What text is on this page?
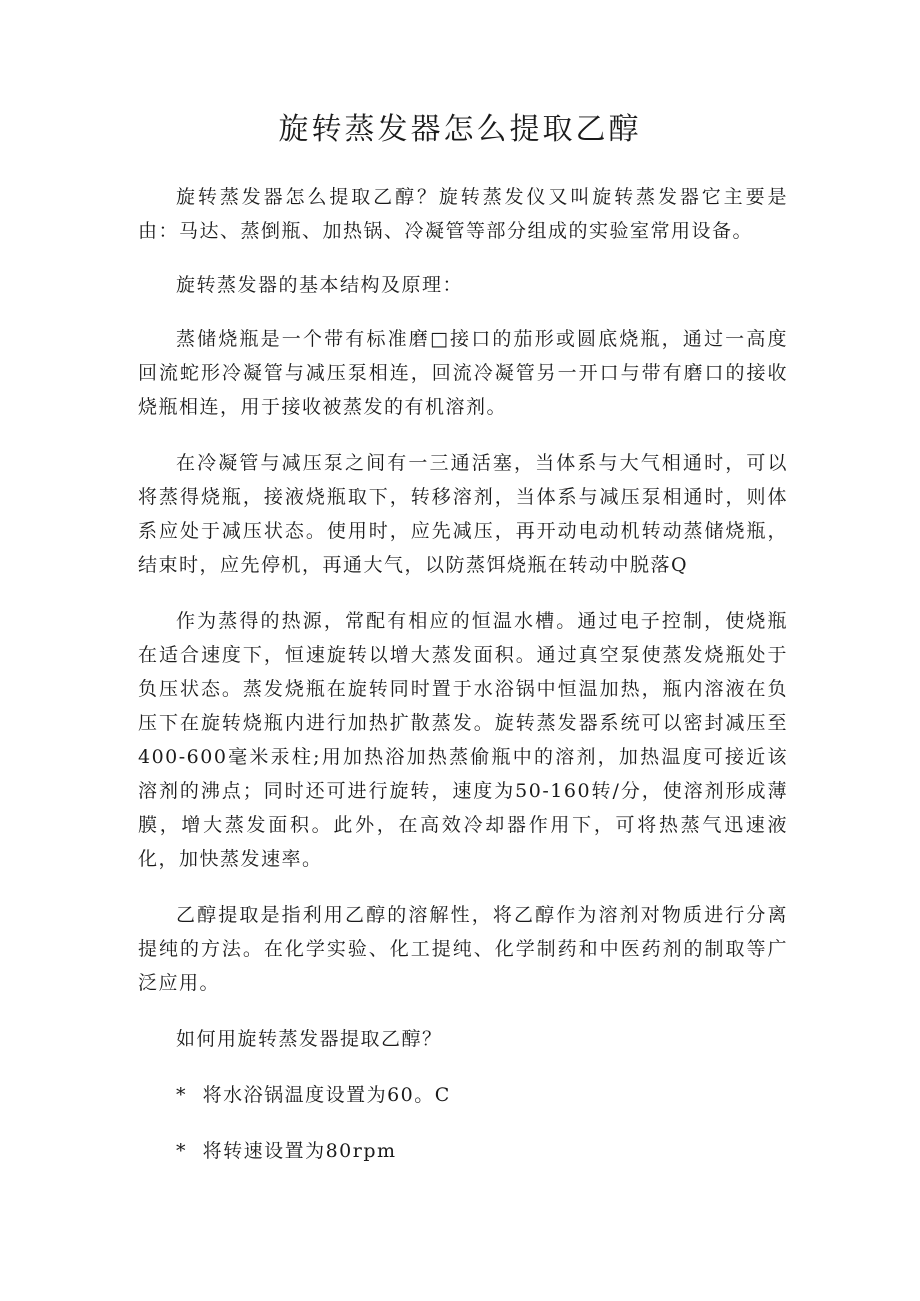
旋转蒸发器怎么提取乙醇

旋转蒸发器怎么提取乙醇？旋转蒸发仪又叫旋转蒸发器它主要是由：马达、蒸倒瓶、加热锅、冷凝管等部分组成的实验室常用设备。

旋转蒸发器的基本结构及原理：

蒸储烧瓶是一个带有标准磨□接口的茄形或圆底烧瓶，通过一高度回流蛇形冷凝管与减压泵相连，回流冷凝管另一开口与带有磨口的接收烧瓶相连，用于接收被蒸发的有机溶剂。

在冷凝管与减压泵之间有一三通活塞，当体系与大气相通时，可以将蒸得烧瓶，接液烧瓶取下，转移溶剂，当体系与减压泵相通时，则体系应处于减压状态。使用时，应先减压，再开动电动机转动蒸储烧瓶，结束时，应先停机，再通大气，以防蒸饵烧瓶在转动中脱落Q

作为蒸得的热源，常配有相应的恒温水槽。通过电子控制，使烧瓶在适合速度下，恒速旋转以增大蒸发面积。通过真空泵使蒸发烧瓶处于负压状态。蒸发烧瓶在旋转同时置于水浴锅中恒温加热，瓶内溶液在负压下在旋转烧瓶内进行加热扩散蒸发。旋转蒸发器系统可以密封减压至400-600毫米汞柱;用加热浴加热蒸偷瓶中的溶剂，加热温度可接近该溶剂的沸点；同时还可进行旋转，速度为50-160转/分，使溶剂形成薄膜，增大蒸发面积。此外，在高效冷却器作用下，可将热蒸气迅速液化，加快蒸发速率。

乙醇提取是指利用乙醇的溶解性，将乙醇作为溶剂对物质进行分离提纯的方法。在化学实验、化工提纯、化学制药和中医药剂的制取等广泛应用。

如何用旋转蒸发器提取乙醇？

* 将水浴锅温度设置为60。C
* 将转速设置为80rpm
